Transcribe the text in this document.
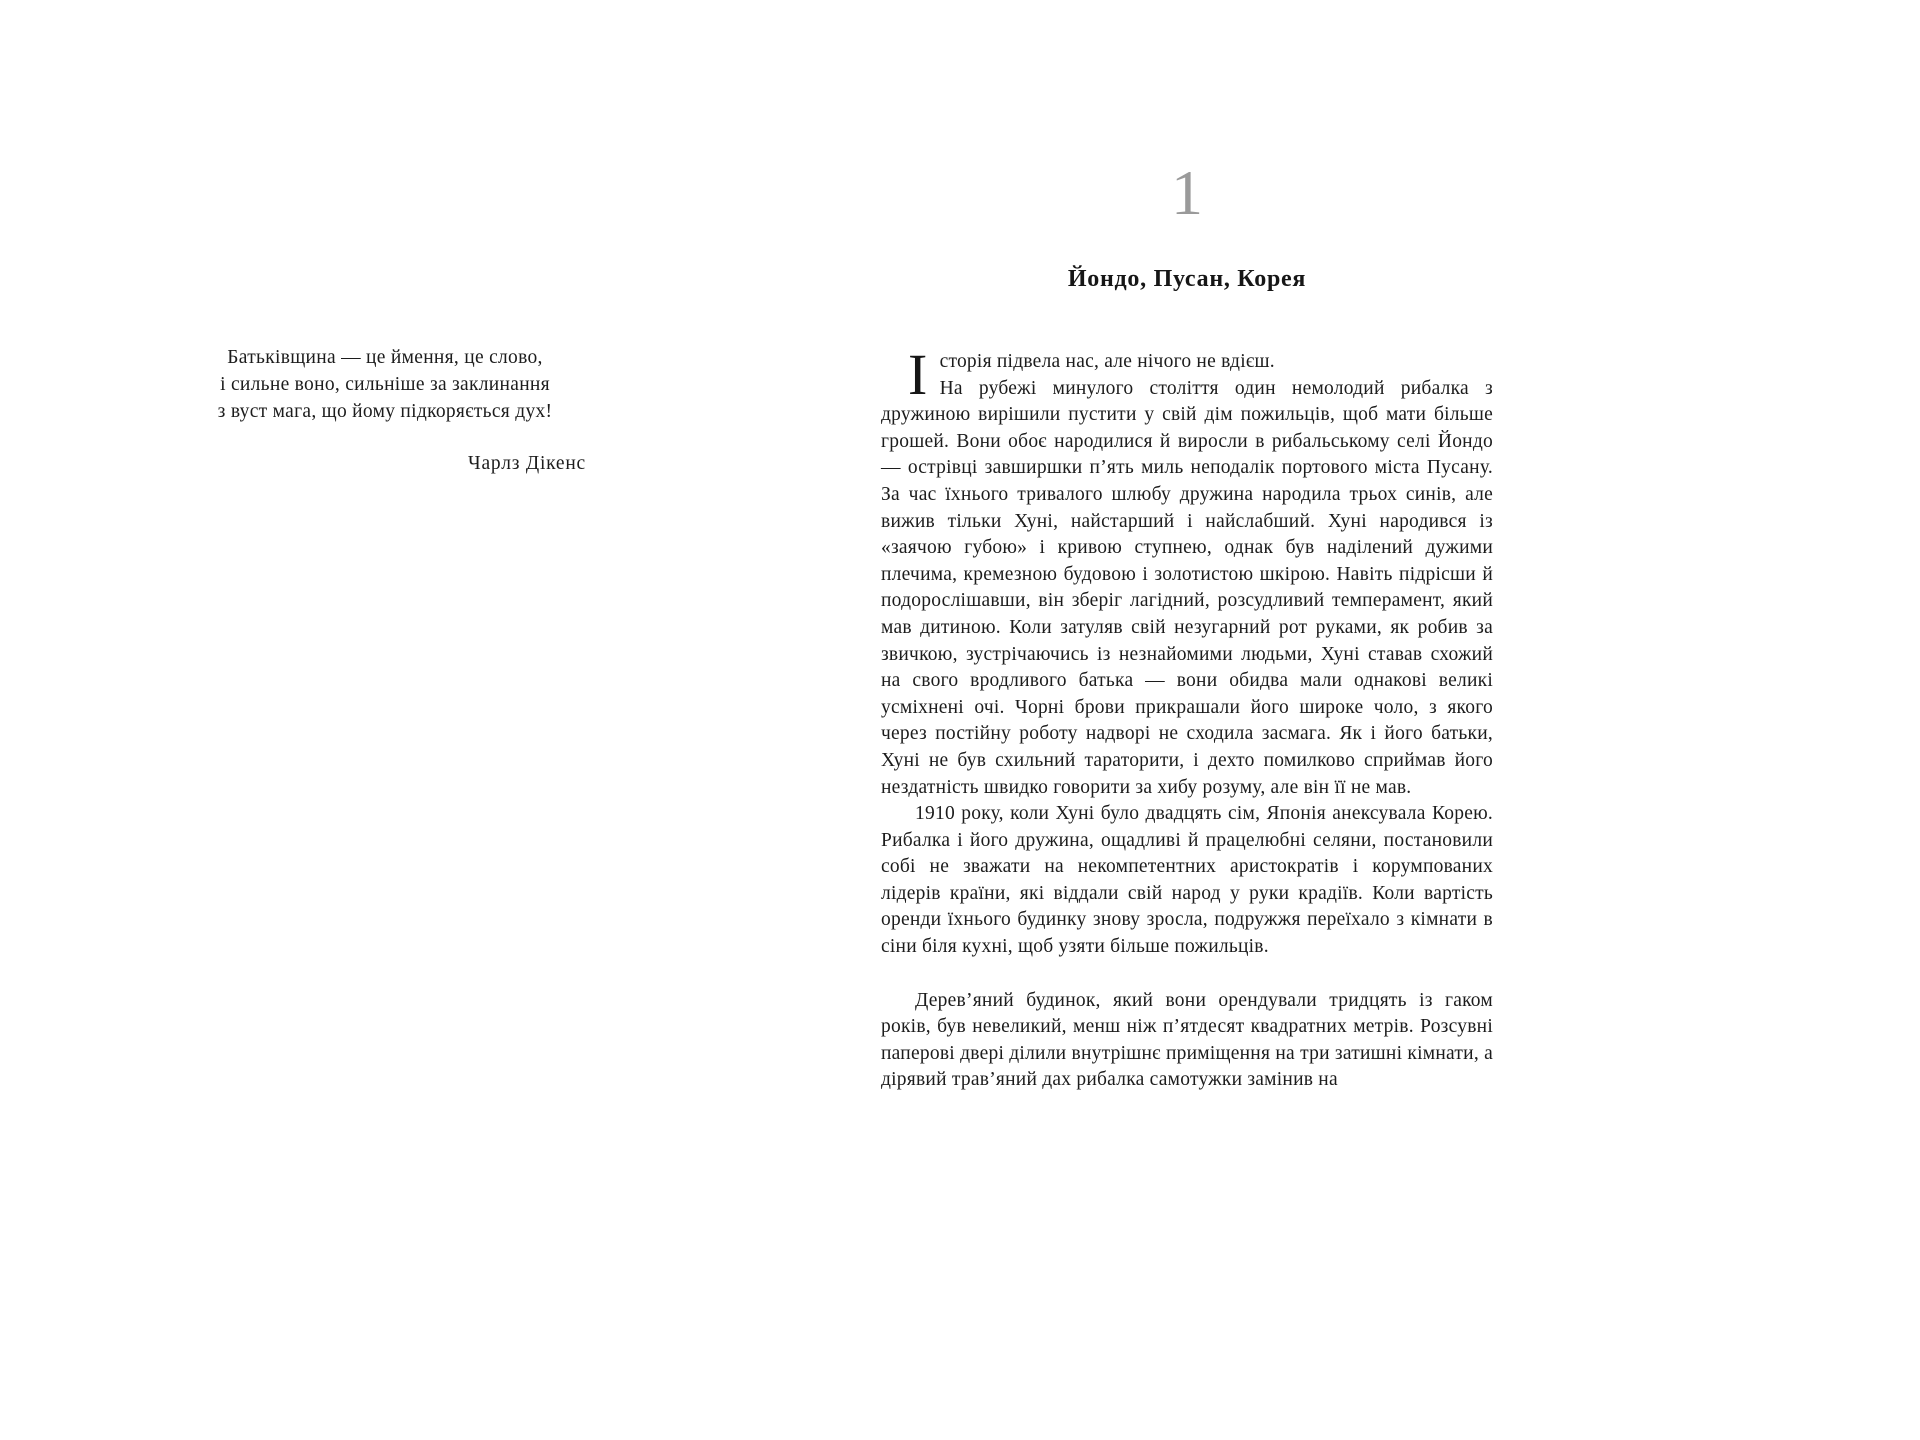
Батьківщина — це ймення, це слово,
і сильне воно, сильніше за заклинання
з вуст мага, що йому підкоряється дух!
Чарлз Дікенс
1
Йондо, Пусан, Корея

Історія підвела нас, але нічого не вдієш.

На рубежі минулого століття один немолодий рибалка з дружиною вирішили пустити у свій дім пожильців, щоб мати більше грошей. Вони обоє народилися й виросли в рибальському селі Йондо — острівці завширшки п’ять миль неподалік портового міста Пусану. За час їхнього тривалого шлюбу дружина народила трьох синів, але вижив тільки Хуні, найстарший і найслабший. Хуні народився із «заячою губою» і кривою ступнею, однак був наділений дужими плечима, кремезною будовою і золотистою шкірою. Навіть підрісши й подорослішавши, він зберіг лагідний, розсудливий темперамент, який мав дитиною. Коли затуляв свій незугарний рот руками, як робив за звичкою, зустрічаючись із незнайомими людьми, Хуні ставав схожий на свого вродливого батька — вони обидва мали однакові великі усміхнені очі. Чорні брови прикрашали його широке чоло, з якого через постійну роботу надворі не сходила засмага. Як і його батьки, Хуні не був схильний тараторити, і дехто помилково сприймав його нездатність швидко говорити за хибу розуму, але він її не мав.

1910 року, коли Хуні було двадцять сім, Японія анексувала Корею. Рибалка і його дружина, ощадливі й працелюбні селяни, постановили собі не зважати на некомпетентних аристократів і корумпованих лідерів країни, які віддали свій народ у руки крадіїв. Коли вартість оренди їхнього будинку знову зросла, подружжя переїхало з кімнати в сіни біля кухні, щоб узяти більше пожильців.

Дерев’яний будинок, який вони орендували тридцять із гаком років, був невеликий, менш ніж п’ятдесят квадратних метрів. Розсувні паперові двері ділили внутрішнє приміщення на три затишні кімнати, а дірявий трав’яний дах рибалка самотужки замінив на
